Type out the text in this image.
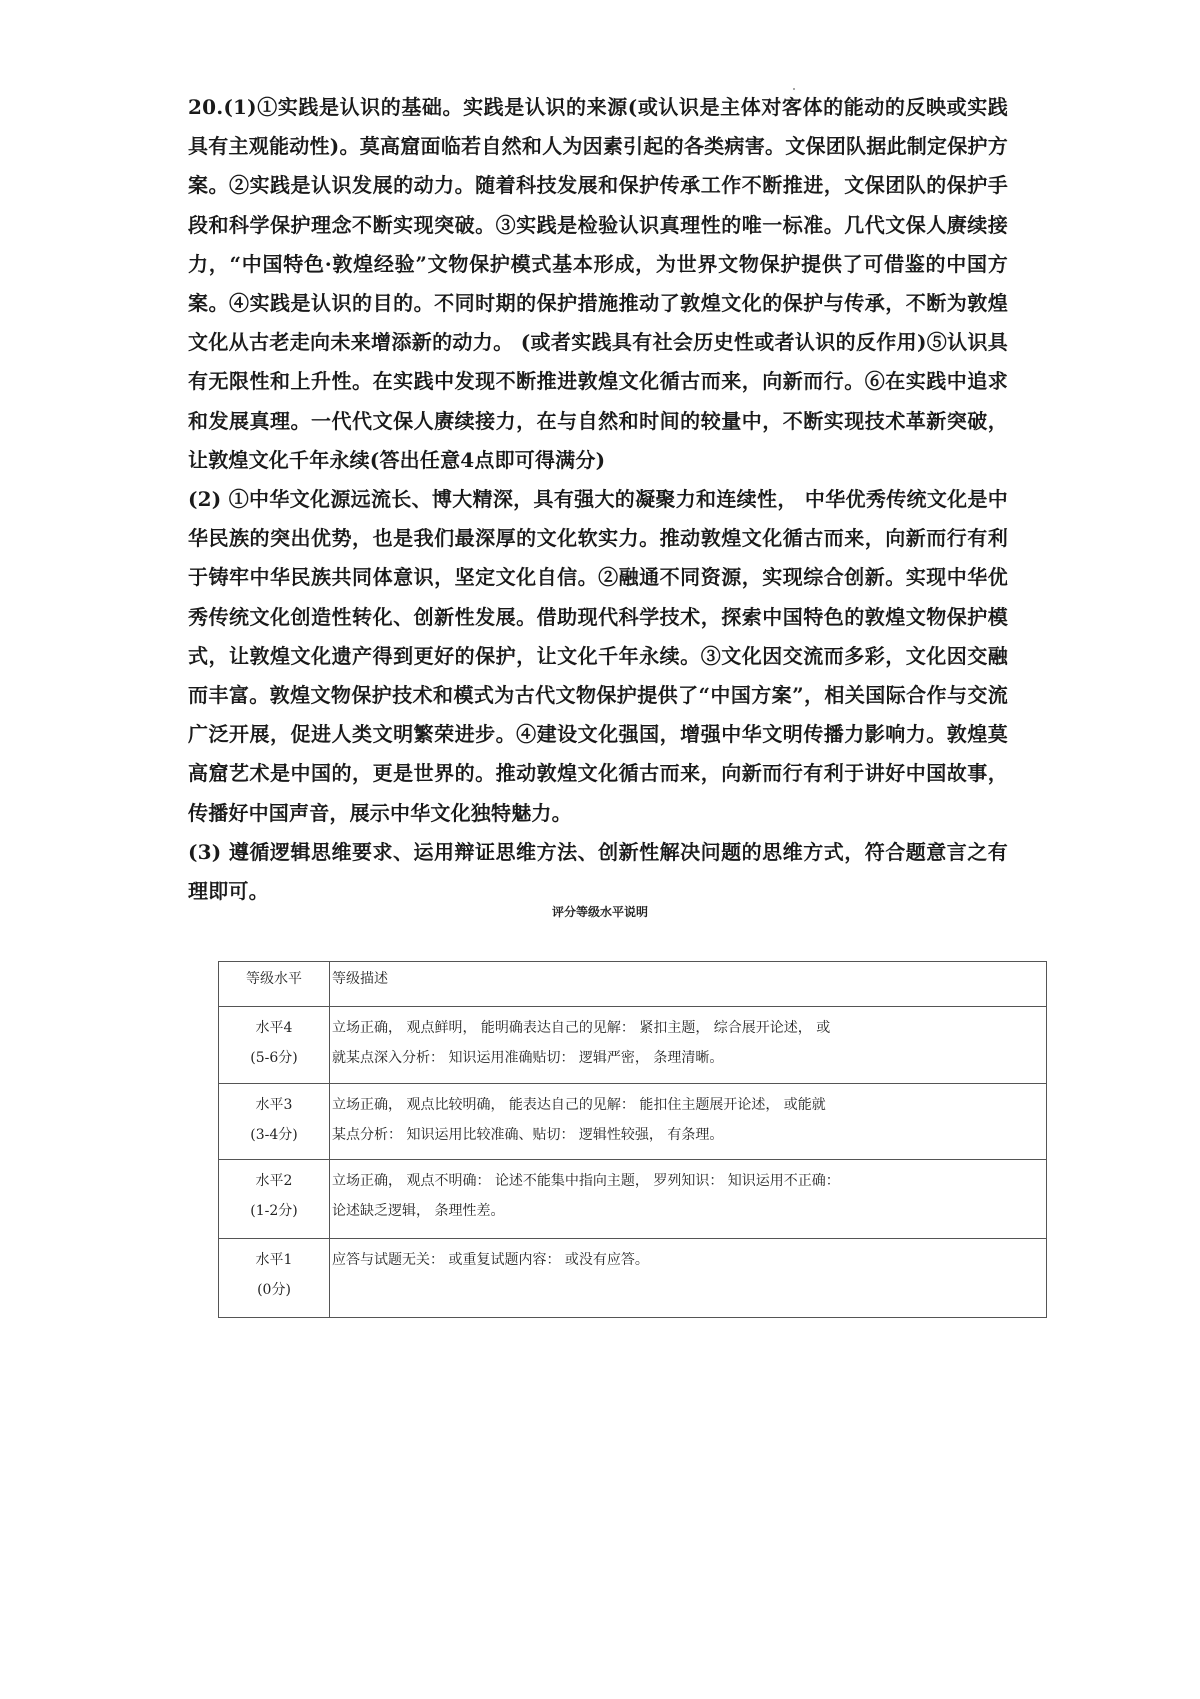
20.(1)①实践是认识的基础。实践是认识的来源(或认识是主体对客体的能动的反映或实践具有主观能动性)。莫高窟面临若自然和人为因素引起的各类病害。文保团队据此制定保护方案。②实践是认识发展的动力。随着科技发展和保护传承工作不断推进，文保团队的保护手段和科学保护理念不断实现突破。③实践是检验认识真理性的唯一标准。几代文保人赓续接力，“中国特色·敦煌经验”文物保护模式基本形成，为世界文物保护提供了可借鉴的中国方案。④实践是认识的目的。不同时期的保护措施推动了敦煌文化的保护与传承，不断为敦煌文化从古老走向未来增添新的动力。 (或者实践具有社会历史性或者认识的反作用)⑤认识具有无限性和上升性。在实践中发现不断推进敦煌文化循古而来，向新而行。⑥在实践中追求和发展真理。一代代文保人赓续接力，在与自然和时间的较量中，不断实现技术革新突破，让敦煌文化千年永续(答出任意4点即可得满分)

(2) ①中华文化源远流长、博大精深，具有强大的凝聚力和连续性， 中华优秀传统文化是中华民族的突出优势，也是我们最深厚的文化软实力。推动敦煌文化循古而来，向新而行有利于铸牢中华民族共同体意识，坚定文化自信。②融通不同资源，实现综合创新。实现中华优秀传统文化创造性转化、创新性发展。借助现代科学技术，探索中国特色的敦煌文物保护模式，让敦煌文化遗产得到更好的保护，让文化千年永续。③文化因交流而多彩，文化因交融而丰富。敦煌文物保护技术和模式为古代文物保护提供了“中国方案”，相关国际合作与交流广泛开展，促进人类文明繁荣进步。④建设文化强国，增强中华文明传播力影响力。敦煌莫高窟艺术是中国的，更是世界的。推动敦煌文化循古而来，向新而行有利于讲好中国故事，传播好中国声音，展示中华文化独特魅力。

(3) 遵循逻辑思维要求、运用辩证思维方法、创新性解决问题的思维方式，符合题意言之有理即可。

评分等级水平说明
等级水平	等级描述

水平4
(5-6分)	立场正确， 观点鲜明， 能明确表达自己的见解： 紧扣主题， 综合展开论述， 或
就某点深入分析： 知识运用准确贴切： 逻辑严密， 条理清晰。

水平3
(3-4分)	立场正确， 观点比较明确， 能表达自己的见解： 能扣住主题展开论述， 或能就
某点分析： 知识运用比较准确、贴切： 逻辑性较强， 有条理。

水平2
(1-2分)	立场正确， 观点不明确： 论述不能集中指向主题， 罗列知识： 知识运用不正确：
论述缺乏逻辑， 条理性差。

水平1
(0分)	应答与试题无关： 或重复试题内容： 或没有应答。
